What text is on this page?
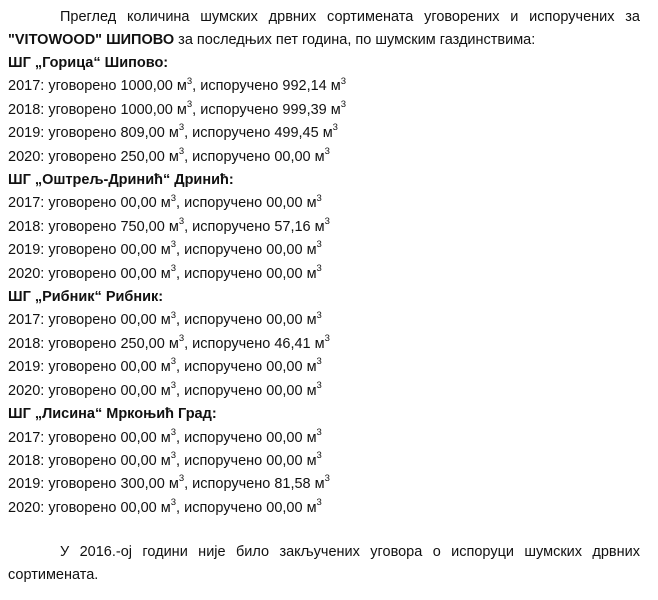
Преглед количина шумских дрвних сортимената уговорених и испоручених за "VITOWOOD" ШИПОВО за последњих пет година, по шумским газдинствима:

ШГ „Горица“ Шипово:
2017: уговорено 1000,00 $м^3$, испоручено 992,14 $м^3$
2018: уговорено 1000,00 $м^3$, испоручено 999,39 $м^3$
2019: уговорено 809,00 $м^3$, испоручено 499,45 $м^3$
2020: уговорено 250,00 $м^3$, испоручено 00,00 $м^3$
ШГ „Оштрељ-Дринић“ Дринић:
2017: уговорено 00,00 $м^3$, испоручено 00,00 $м^3$
2018: уговорено 750,00 $м^3$, испоручено 57,16 $м^3$
2019: уговорено 00,00 $м^3$, испоручено 00,00 $м^3$
2020: уговорено 00,00 $м^3$, испоручено 00,00 $м^3$
ШГ „Рибник“ Рибник:
2017: уговорено 00,00 $м^3$, испоручено 00,00 $м^3$
2018: уговорено 250,00 $м^3$, испоручено 46,41 $м^3$
2019: уговорено 00,00 $м^3$, испоручено 00,00 $м^3$
2020: уговорено 00,00 $м^3$, испоручено 00,00 $м^3$
ШГ „Лисина“ Мркоњић Град:
2017: уговорено 00,00 $м^3$, испоручено 00,00 $м^3$
2018: уговорено 00,00 $м^3$, испоручено 00,00 $м^3$
2019: уговорено 300,00 $м^3$, испоручено 81,58 $м^3$
2020: уговорено 00,00 $м^3$, испоручено 00,00 $м^3$

У 2016.-ој години није било закључених уговора о испоруци шумских дрвних сортимената.
